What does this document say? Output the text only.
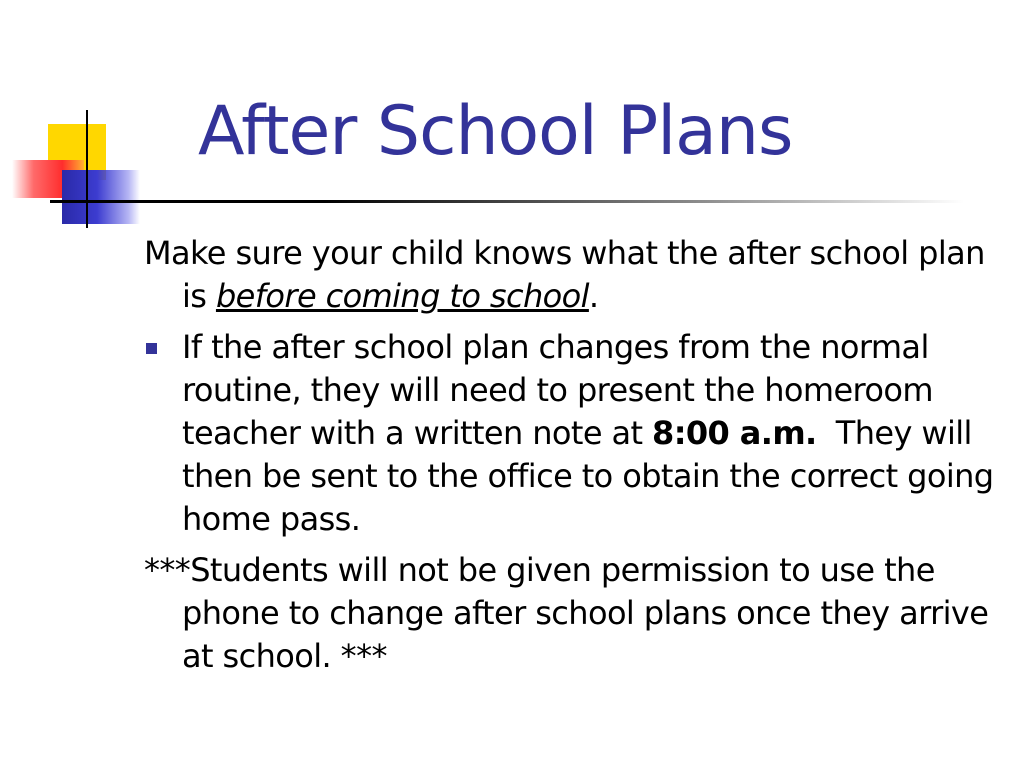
After School Plans

Make sure your child knows what the after school plan is before coming to school.

If the after school plan changes from the normal routine, they will need to present the homeroom teacher with a written note at 8:00 a.m.  They will then be sent to the office to obtain the correct going home pass.

***Students will not be given permission to use the phone to change after school plans once they arrive at school. ***
